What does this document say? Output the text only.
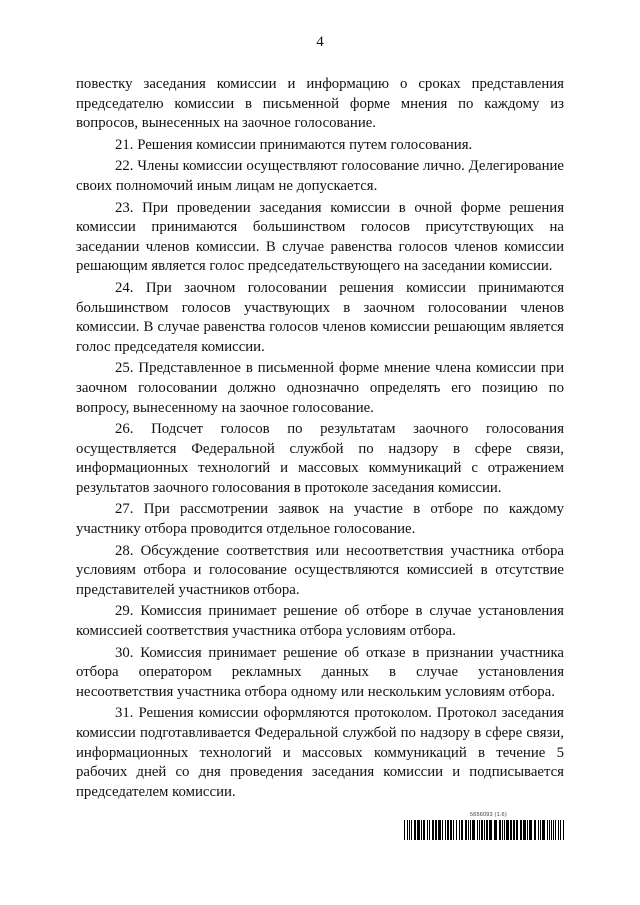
4

повестку заседания комиссии и информацию о сроках представления председателю комиссии в письменной форме мнения по каждому из вопросов, вынесенных на заочное голосование.

21. Решения комиссии принимаются путем голосования.

22. Члены комиссии осуществляют голосование лично. Делегирование своих полномочий иным лицам не допускается.

23. При проведении заседания комиссии в очной форме решения комиссии принимаются большинством голосов присутствующих на заседании членов комиссии. В случае равенства голосов членов комиссии решающим является голос председательствующего на заседании комиссии.

24. При заочном голосовании решения комиссии принимаются большинством голосов участвующих в заочном голосовании членов комиссии. В случае равенства голосов членов комиссии решающим является голос председателя комиссии.

25. Представленное в письменной форме мнение члена комиссии при заочном голосовании должно однозначно определять его позицию по вопросу, вынесенному на заочное голосование.

26. Подсчет голосов по результатам заочного голосования осуществляется Федеральной службой по надзору в сфере связи, информационных технологий и массовых коммуникаций с отражением результатов заочного голосования в протоколе заседания комиссии.

27. При рассмотрении заявок на участие в отборе по каждому участнику отбора проводится отдельное голосование.

28. Обсуждение соответствия или несоответствия участника отбора условиям отбора и голосование осуществляются комиссией в отсутствие представителей участников отбора.

29. Комиссия принимает решение об отборе в случае установления комиссией соответствия участника отбора условиям отбора.

30. Комиссия принимает решение об отказе в признании участника отбора оператором рекламных данных в случае установления несоответствия участника отбора одному или нескольким условиям отбора.

31. Решения комиссии оформляются протоколом. Протокол заседания комиссии подготавливается Федеральной службой по надзору в сфере связи, информационных технологий и массовых коммуникаций в течение 5 рабочих дней со дня проведения заседания комиссии и подписывается председателем комиссии.

5656093 (1.6)
